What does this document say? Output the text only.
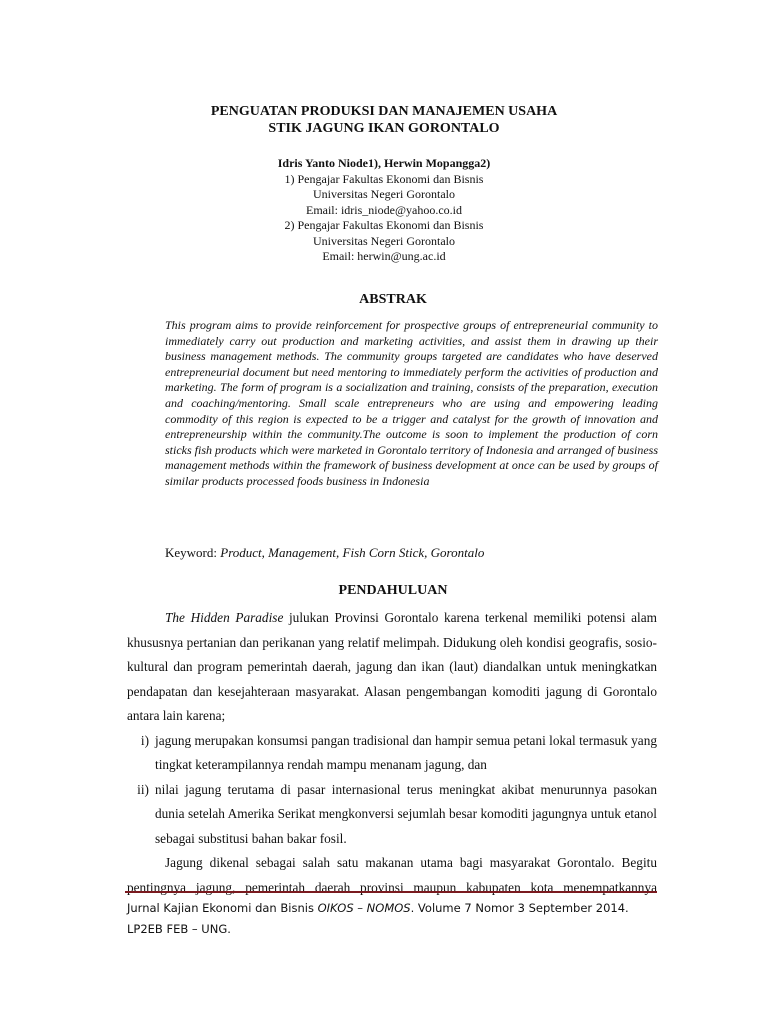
PENGUATAN PRODUKSI DAN MANAJEMEN USAHA
STIK JAGUNG IKAN GORONTALO
Idris Yanto Niode1), Herwin Mopangga2)
1) Pengajar Fakultas Ekonomi dan Bisnis
Universitas Negeri Gorontalo
Email: idris_niode@yahoo.co.id
2) Pengajar Fakultas Ekonomi dan Bisnis
Universitas Negeri Gorontalo
Email: herwin@ung.ac.id
ABSTRAK
This program aims to provide reinforcement for prospective groups of entrepreneurial community to immediately carry out production and marketing activities, and assist them in drawing up their business management methods. The community groups targeted are candidates who have deserved entrepreneurial document but need mentoring to immediately perform the activities of production and marketing. The form of program is a socialization and training, consists of the preparation, execution and coaching/mentoring. Small scale entrepreneurs who are using and empowering leading commodity of this region is expected to be a trigger and catalyst for the growth of innovation and entrepreneurship within the community.The outcome is soon to implement the production of corn sticks fish products which were marketed in Gorontalo territory of Indonesia and arranged of business management methods within the framework of business development at once can be used by groups of similar products processed foods business in Indonesia
Keyword: Product, Management, Fish Corn Stick, Gorontalo
PENDAHULUAN

The Hidden Paradise julukan Provinsi Gorontalo karena terkenal memiliki potensi alam khususnya pertanian dan perikanan yang relatif melimpah. Didukung oleh kondisi geografis, sosio-kultural dan program pemerintah daerah, jagung dan ikan (laut) diandalkan untuk meningkatkan pendapatan dan kesejahteraan masyarakat. Alasan pengembangan komoditi jagung di Gorontalo antara lain karena;

i) jagung merupakan konsumsi pangan tradisional dan hampir semua petani lokal termasuk yang tingkat keterampilannya rendah mampu menanam jagung, dan

ii) nilai jagung terutama di pasar internasional terus meningkat akibat menurunnya pasokan dunia setelah Amerika Serikat mengkonversi sejumlah besar komoditi jagungnya untuk etanol sebagai substitusi bahan bakar fosil.

Jagung dikenal sebagai salah satu makanan utama bagi masyarakat Gorontalo. Begitu pentingnya jagung, pemerintah daerah provinsi maupun kabupaten kota menempatkannya

Jurnal Kajian Ekonomi dan Bisnis OIKOS – NOMOS. Volume 7 Nomor 3 September 2014.
LP2EB FEB – UNG.
